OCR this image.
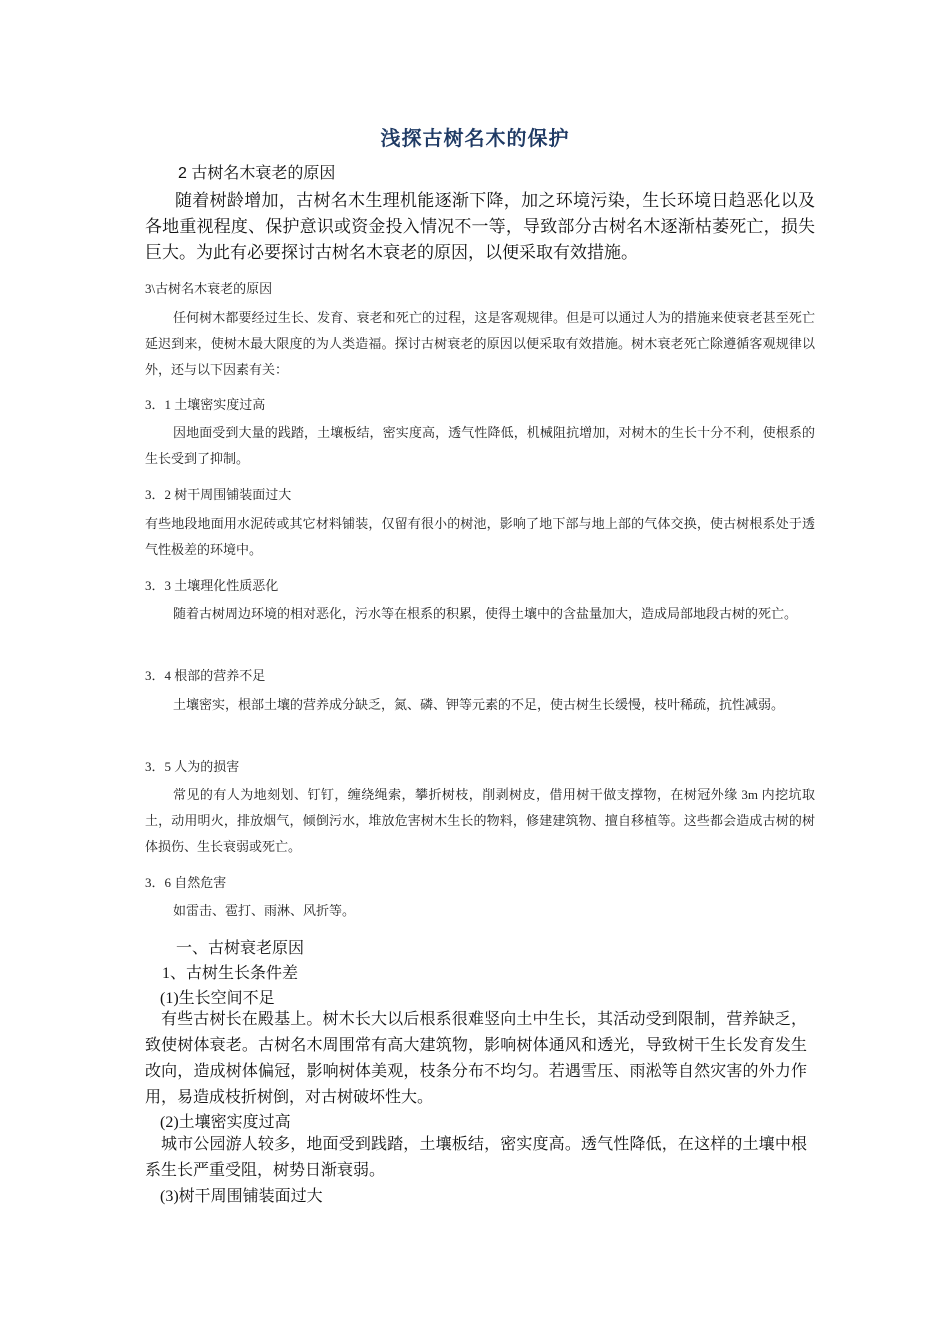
浅探古树名木的保护
2 古树名木衰老的原因
随着树龄增加，古树名木生理机能逐渐下降，加之环境污染，生长环境日趋恶化以及各地重视程度、保护意识或资金投入情况不一等，导致部分古树名木逐渐枯萎死亡，损失巨大。为此有必要探讨古树名木衰老的原因，以便采取有效措施。
3\古树名木衰老的原因
任何树木都要经过生长、发育、衰老和死亡的过程，这是客观规律。但是可以通过人为的措施来使衰老甚至死亡延迟到来，使树木最大限度的为人类造福。探讨古树衰老的原因以便采取有效措施。树木衰老死亡除遵循客观规律以外，还与以下因素有关：
3．1 土壤密实度过高
因地面受到大量的践踏，土壤板结，密实度高，透气性降低，机械阻抗增加，对树木的生长十分不利，使根系的生长受到了抑制。
3．2 树干周围铺装面过大
有些地段地面用水泥砖或其它材料铺装，仅留有很小的树池，影响了地下部与地上部的气体交换，使古树根系处于透气性极差的环境中。
3．3 土壤理化性质恶化
随着古树周边环境的相对恶化，污水等在根系的积累，使得土壤中的含盐量加大，造成局部地段古树的死亡。
3．4 根部的营养不足
土壤密实，根部土壤的营养成分缺乏，氮、磷、钾等元素的不足，使古树生长缓慢，枝叶稀疏，抗性减弱。
3．5 人为的损害
常见的有人为地刻划、钉钉，缠绕绳索，攀折树枝，削剥树皮，借用树干做支撑物，在树冠外缘 3m 内挖坑取土，动用明火，排放烟气，倾倒污水，堆放危害树木生长的物料，修建建筑物、擅自移植等。这些都会造成古树的树体损伤、生长衰弱或死亡。
3．6 自然危害
如雷击、雹打、雨淋、风折等。
一、古树衰老原因
1、古树生长条件差
(1)生长空间不足
有些古树长在殿基上。树木长大以后根系很难竖向土中生长，其活动受到限制，营养缺乏，致使树体衰老。古树名木周围常有高大建筑物，影响树体通风和透光，导致树干生长发育发生改向，造成树体偏冠，影响树体美观，枝条分布不均匀。若遇雪压、雨淞等自然灾害的外力作用，易造成枝折树倒，对古树破坏性大。
(2)土壤密实度过高
城市公园游人较多，地面受到践踏，土壤板结，密实度高。透气性降低，在这样的土壤中根系生长严重受阻，树势日渐衰弱。
(3)树干周围铺装面过大
